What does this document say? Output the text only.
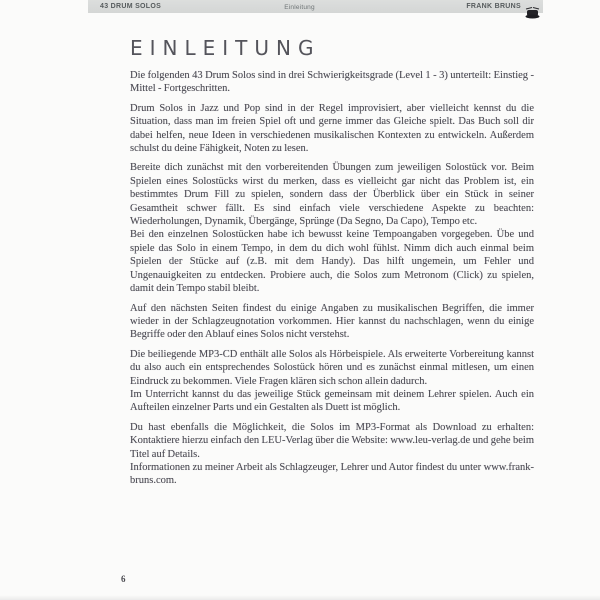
43 DRUM SOLOS	Einleitung	FRANK BRUNS
EINLEITUNG

Die folgenden 43 Drum Solos sind in drei Schwierigkeitsgrade (Level 1 - 3) unterteilt: Einstieg - Mittel - Fortgeschritten.

Drum Solos in Jazz und Pop sind in der Regel improvisiert, aber vielleicht kennst du die Situation, dass man im freien Spiel oft und gerne immer das Gleiche spielt. Das Buch soll dir dabei helfen, neue Ideen in verschiedenen musikalischen Kontexten zu entwickeln. Außerdem schulst du deine Fähigkeit, Noten zu lesen.

Bereite dich zunächst mit den vorbereitenden Übungen zum jeweiligen Solostück vor. Beim Spielen eines Solostücks wirst du merken, dass es vielleicht gar nicht das Problem ist, ein bestimmtes Drum Fill zu spielen, sondern dass der Überblick über ein Stück in seiner Gesamtheit schwer fällt. Es sind einfach viele verschiedene Aspekte zu beachten: Wiederholungen, Dynamik, Übergänge, Sprünge (Da Segno, Da Capo), Tempo etc.

Bei den einzelnen Solostücken habe ich bewusst keine Tempoangaben vorgegeben. Übe und spiele das Solo in einem Tempo, in dem du dich wohl fühlst. Nimm dich auch einmal beim Spielen der Stücke auf (z.B. mit dem Handy). Das hilft ungemein, um Fehler und Ungenauigkeiten zu entdecken. Probiere auch, die Solos zum Metronom (Click) zu spielen, damit dein Tempo stabil bleibt.

Auf den nächsten Seiten findest du einige Angaben zu musikalischen Begriffen, die immer wieder in der Schlagzeugnotation vorkommen. Hier kannst du nachschlagen, wenn du einige Begriffe oder den Ablauf eines Solos nicht verstehst.

Die beiliegende MP3-CD enthält alle Solos als Hörbeispiele. Als erweiterte Vorbereitung kannst du also auch ein entsprechendes Solostück hören und es zunächst einmal mitlesen, um einen Eindruck zu bekommen. Viele Fragen klären sich schon allein dadurch.

Im Unterricht kannst du das jeweilige Stück gemeinsam mit deinem Lehrer spielen. Auch ein Aufteilen einzelner Parts und ein Gestalten als Duett ist möglich.

Du hast ebenfalls die Möglichkeit, die Solos im MP3-Format als Download zu erhalten: Kontaktiere hierzu einfach den LEU-Verlag über die Website: www.leu-verlag.de und gehe beim Titel auf Details.

Informationen zu meiner Arbeit als Schlagzeuger, Lehrer und Autor findest du unter www.frank-bruns.com.

6
